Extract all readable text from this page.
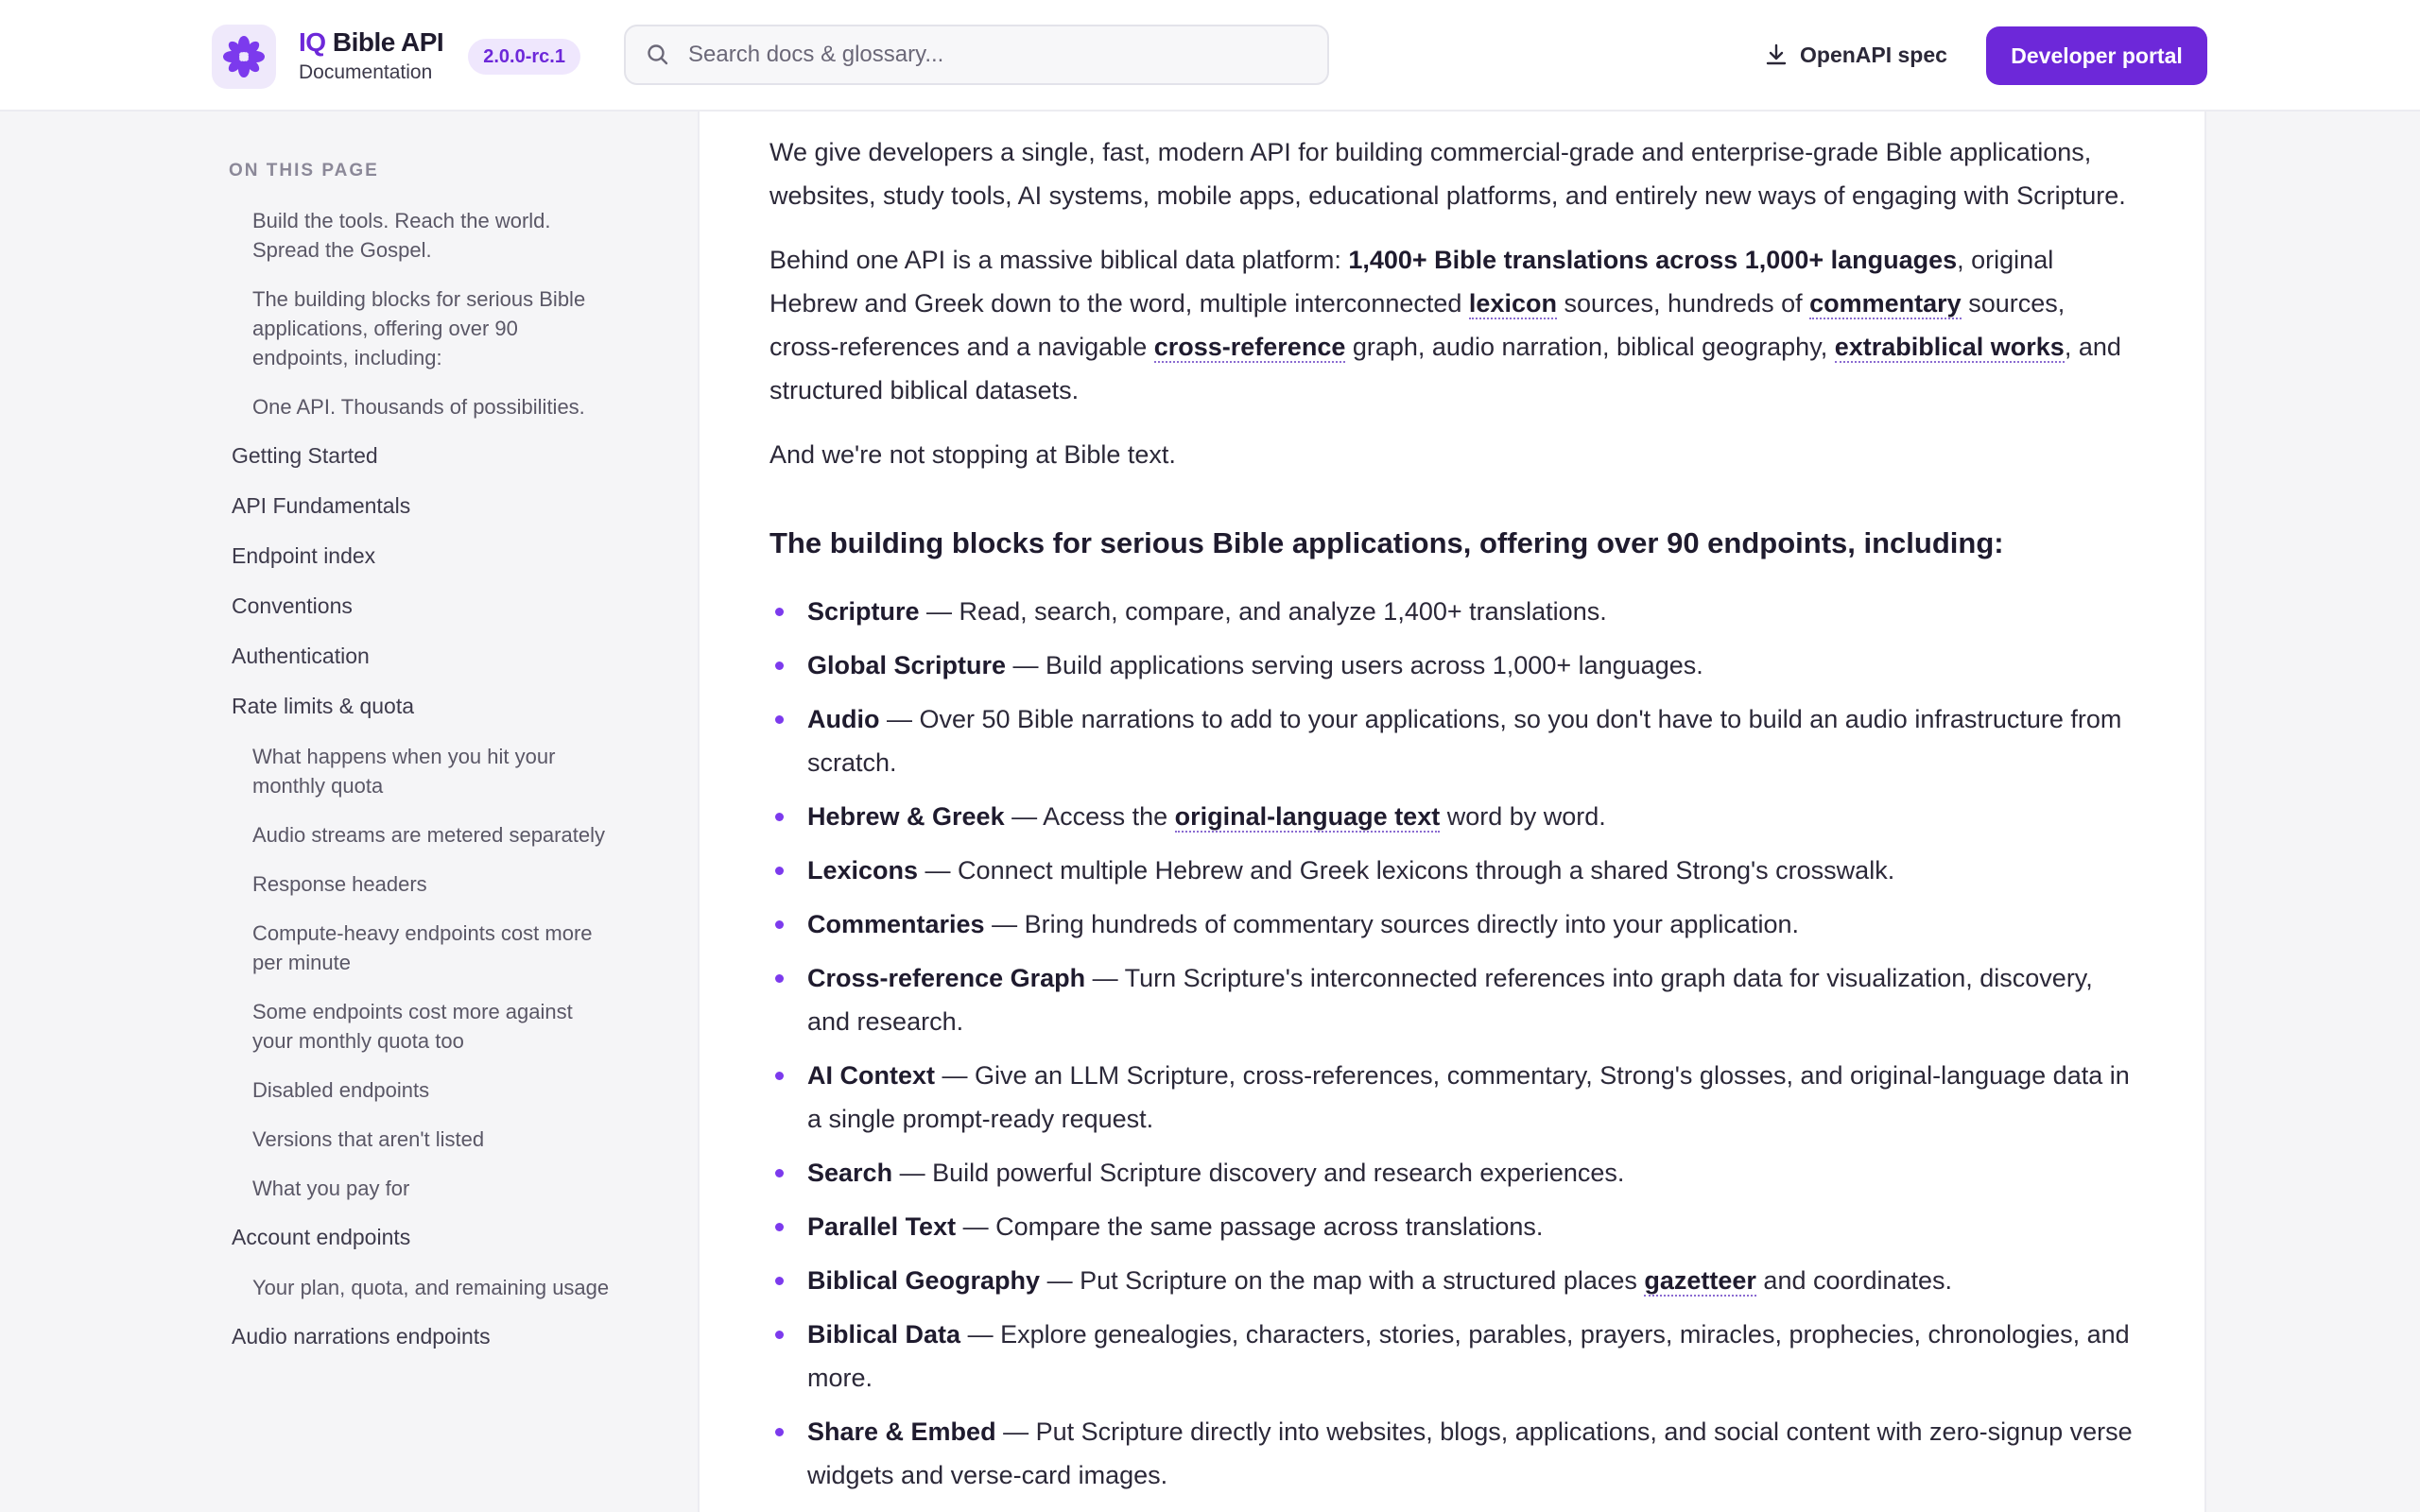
IQ Bible API
Documentation
2.0.0-rc.1
Search docs & glossary...	OpenAPI spec	Developer portal
ON THIS PAGE
Build the tools. Reach the world. Spread the Gospel.
The building blocks for serious Bible applications, offering over 90 endpoints, including:
One API. Thousands of possibilities.
Getting Started
API Fundamentals
Endpoint index
Conventions
Authentication
Rate limits & quota
What happens when you hit your monthly quota
Audio streams are metered separately
Response headers
Compute-heavy endpoints cost more per minute
Some endpoints cost more against your monthly quota too
Disabled endpoints
Versions that aren't listed
What you pay for
Account endpoints
Your plan, quota, and remaining usage
Audio narrations endpoints

We give developers a single, fast, modern API for building commercial-grade and enterprise-grade Bible applications, websites, study tools, AI systems, mobile apps, educational platforms, and entirely new ways of engaging with Scripture.

Behind one API is a massive biblical data platform: 1,400+ Bible translations across 1,000+ languages, original Hebrew and Greek down to the word, multiple interconnected lexicon sources, hundreds of commentary sources, cross-references and a navigable cross-reference graph, audio narration, biblical geography, extrabiblical works, and structured biblical datasets.

And we're not stopping at Bible text.

The building blocks for serious Bible applications, offering over 90 endpoints, including:
Scripture — Read, search, compare, and analyze 1,400+ translations.
Global Scripture — Build applications serving users across 1,000+ languages.
Audio — Over 50 Bible narrations to add to your applications, so you don't have to build an audio infrastructure from scratch.
Hebrew & Greek — Access the original-language text word by word.
Lexicons — Connect multiple Hebrew and Greek lexicons through a shared Strong's crosswalk.
Commentaries — Bring hundreds of commentary sources directly into your application.
Cross-reference Graph — Turn Scripture's interconnected references into graph data for visualization, discovery, and research.
AI Context — Give an LLM Scripture, cross-references, commentary, Strong's glosses, and original-language data in a single prompt-ready request.
Search — Build powerful Scripture discovery and research experiences.
Parallel Text — Compare the same passage across translations.
Biblical Geography — Put Scripture on the map with a structured places gazetteer and coordinates.
Biblical Data — Explore genealogies, characters, stories, parables, prayers, miracles, prophecies, chronologies, and more.
Share & Embed — Put Scripture directly into websites, blogs, applications, and social content with zero-signup verse widgets and verse-card images.
